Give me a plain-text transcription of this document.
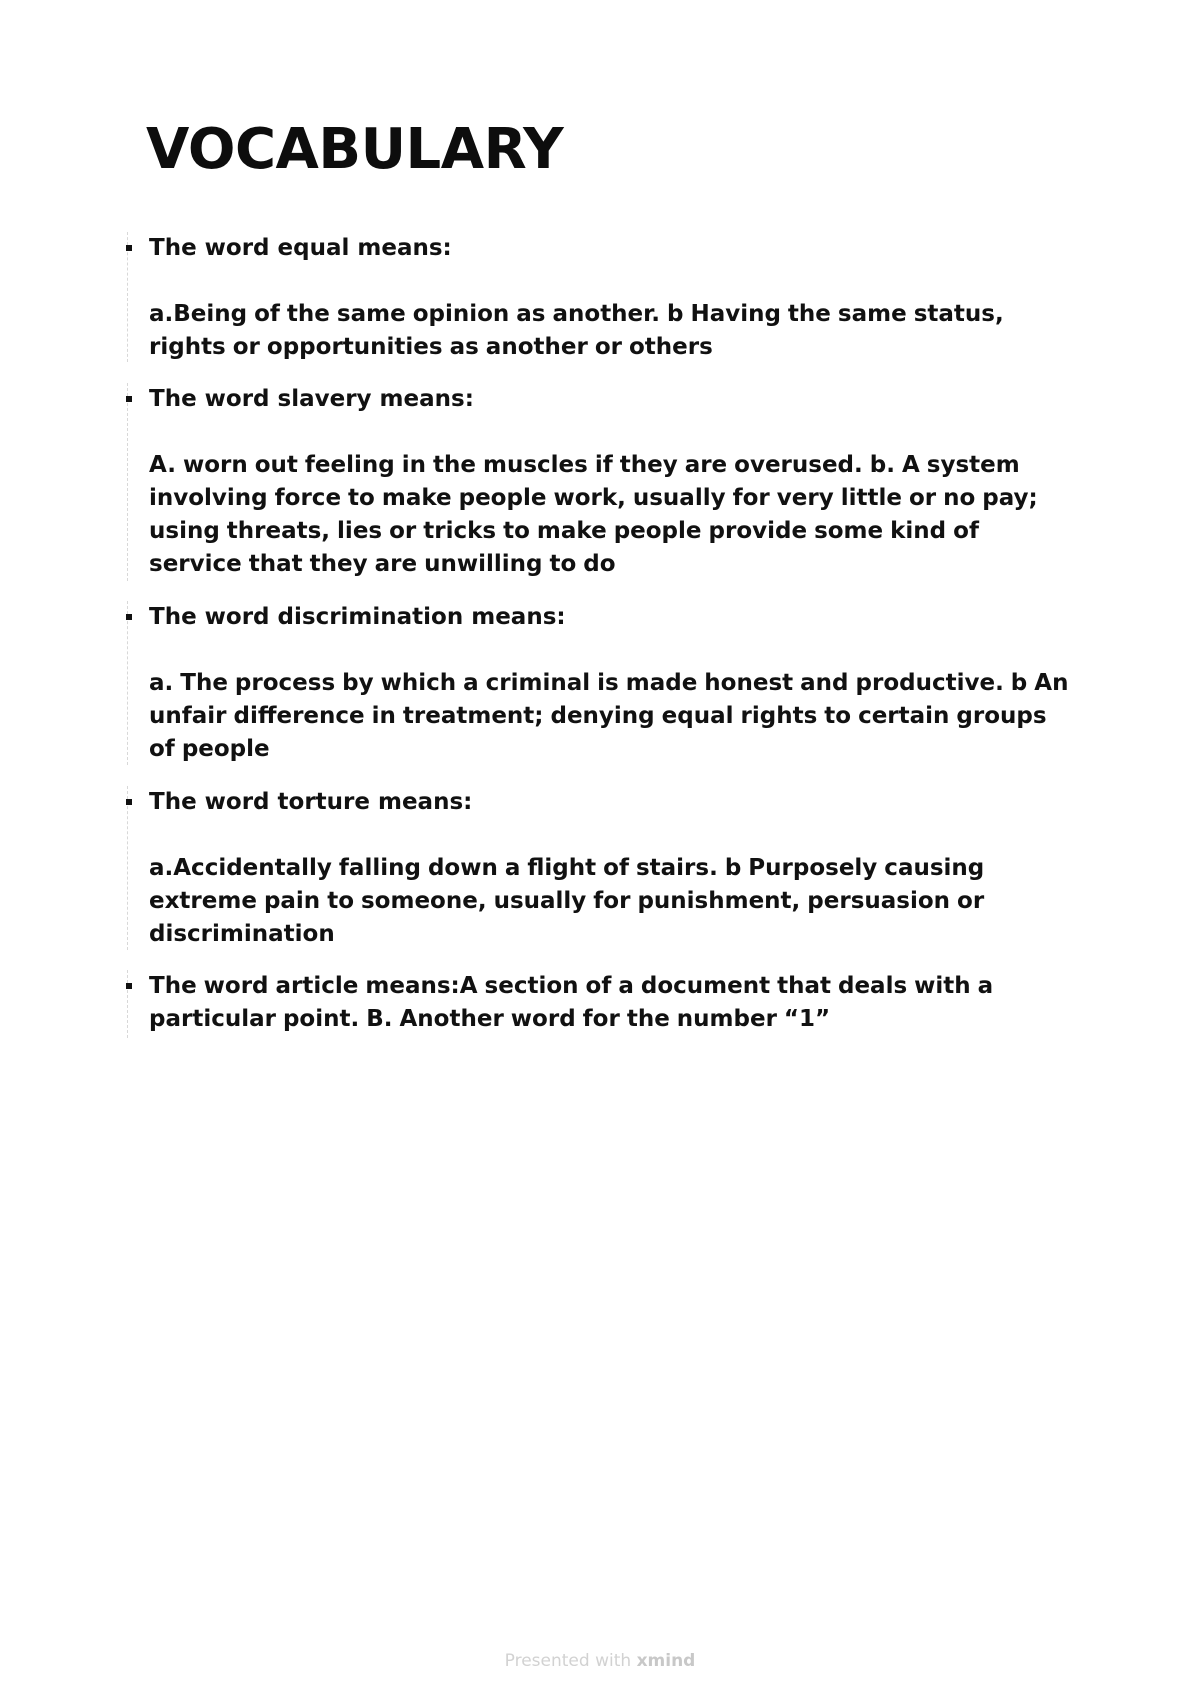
VOCABULARY

The word equal means:

a.Being of the same opinion as another. b Having the same status, rights or opportunities as another or others

The word slavery means:

A. worn out feeling in the muscles if they are overused. b. A system involving force to make people work, usually for very little or no pay; using threats, lies or tricks to make people provide some kind of service that they are unwilling to do

The word discrimination means:

a. The process by which a criminal is made honest and productive. b An unfair difference in treatment; denying equal rights to certain groups of people

The word torture means:

a.Accidentally falling down a flight of stairs. b Purposely causing extreme pain to someone, usually for punishment, persuasion or discrimination

The word article means:A section of a document that deals with a particular point. B. Another word for the number “1”

Presented with xmind
